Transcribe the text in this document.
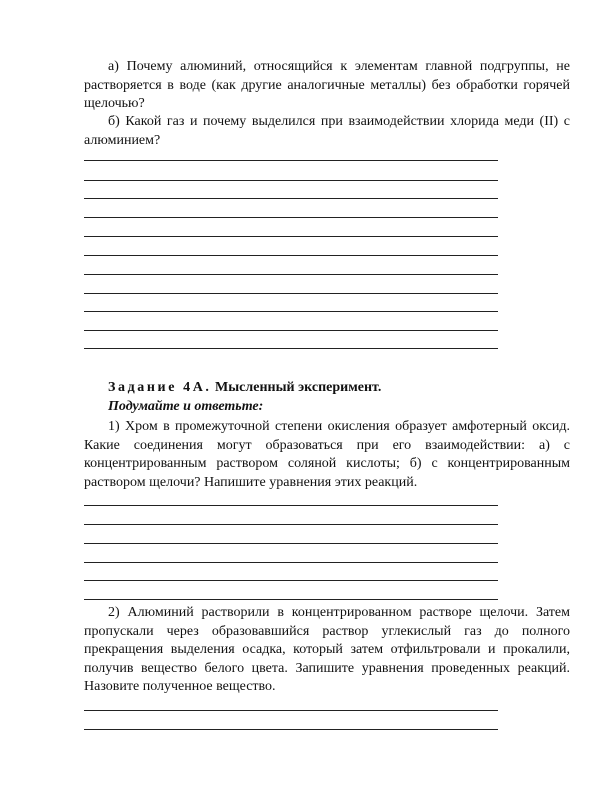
а) Почему алюминий, относящийся к элементам главной подгруппы, не растворяется в воде (как другие аналогичные металлы) без обработки горячей щелочью?

б) Какой газ и почему выделился при взаимодействии хлорида меди (II) с алюминием?

Задание 4А. Мысленный эксперимент.

Подумайте и ответьте:

1) Хром в промежуточной степени окисления образует амфотерный оксид. Какие соединения могут образоваться при его взаимодействии: а) с концентрированным раствором соляной кислоты; б) с концентрированным раствором щелочи? Напишите уравнения этих реакций.

2) Алюминий растворили в концентрированном растворе щелочи. Затем пропускали через образовавшийся раствор углекислый газ до полного прекращения выделения осадка, который затем отфильтровали и прокалили, получив вещество белого цвета. Запишите уравнения проведенных реакций. Назовите полученное вещество.
